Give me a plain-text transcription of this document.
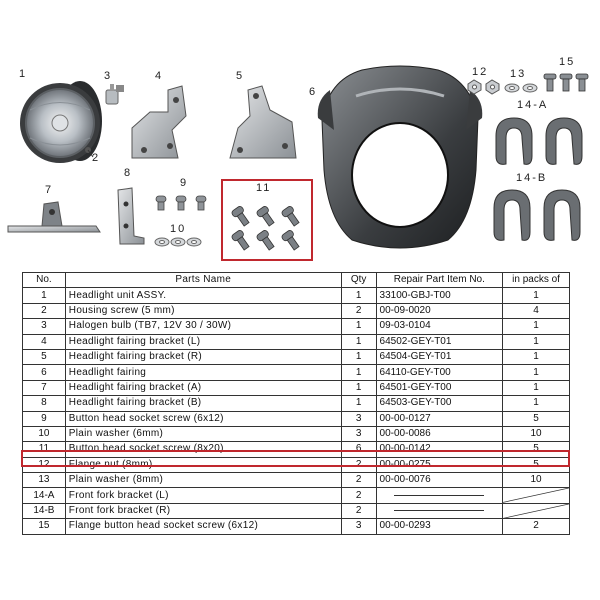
1
2
3	4	5
6
7
8
9
10
11
12 13
15
14-A
14-B
No.	Parts Name	Qty	Repair Part Item No.	in packs of
1	Headlight unit ASSY.	1	33100-GBJ-T00	1
2	Housing screw (5 mm)	2	00-09-0020	4
3	Halogen bulb (TB7, 12V 30 / 30W)	1	09-03-0104	1
4	Headlight fairing bracket (L)	1	64502-GEY-T01	1
5	Headlight fairing bracket (R)	1	64504-GEY-T01	1
6	Headlight fairing	1	64110-GEY-T00	1
7	Headlight fairing bracket (A)	1	64501-GEY-T00	1
8	Headlight fairing bracket (B)	1	64503-GEY-T00	1
9	Button head socket screw (6x12)	3	00-00-0127	5
10	Plain washer (6mm)	3	00-00-0086	10
11	Button head socket screw (8x20)	6	00-00-0142	5
12	Flange nut (8mm)	2	00-00-0275	5
13	Plain washer (8mm)	2	00-00-0076	10
14-A	Front fork bracket (L)	2		

14-B	Front fork bracket (R)	2		

15	Flange button head socket screw (6x12)	3	00-00-0293	2
